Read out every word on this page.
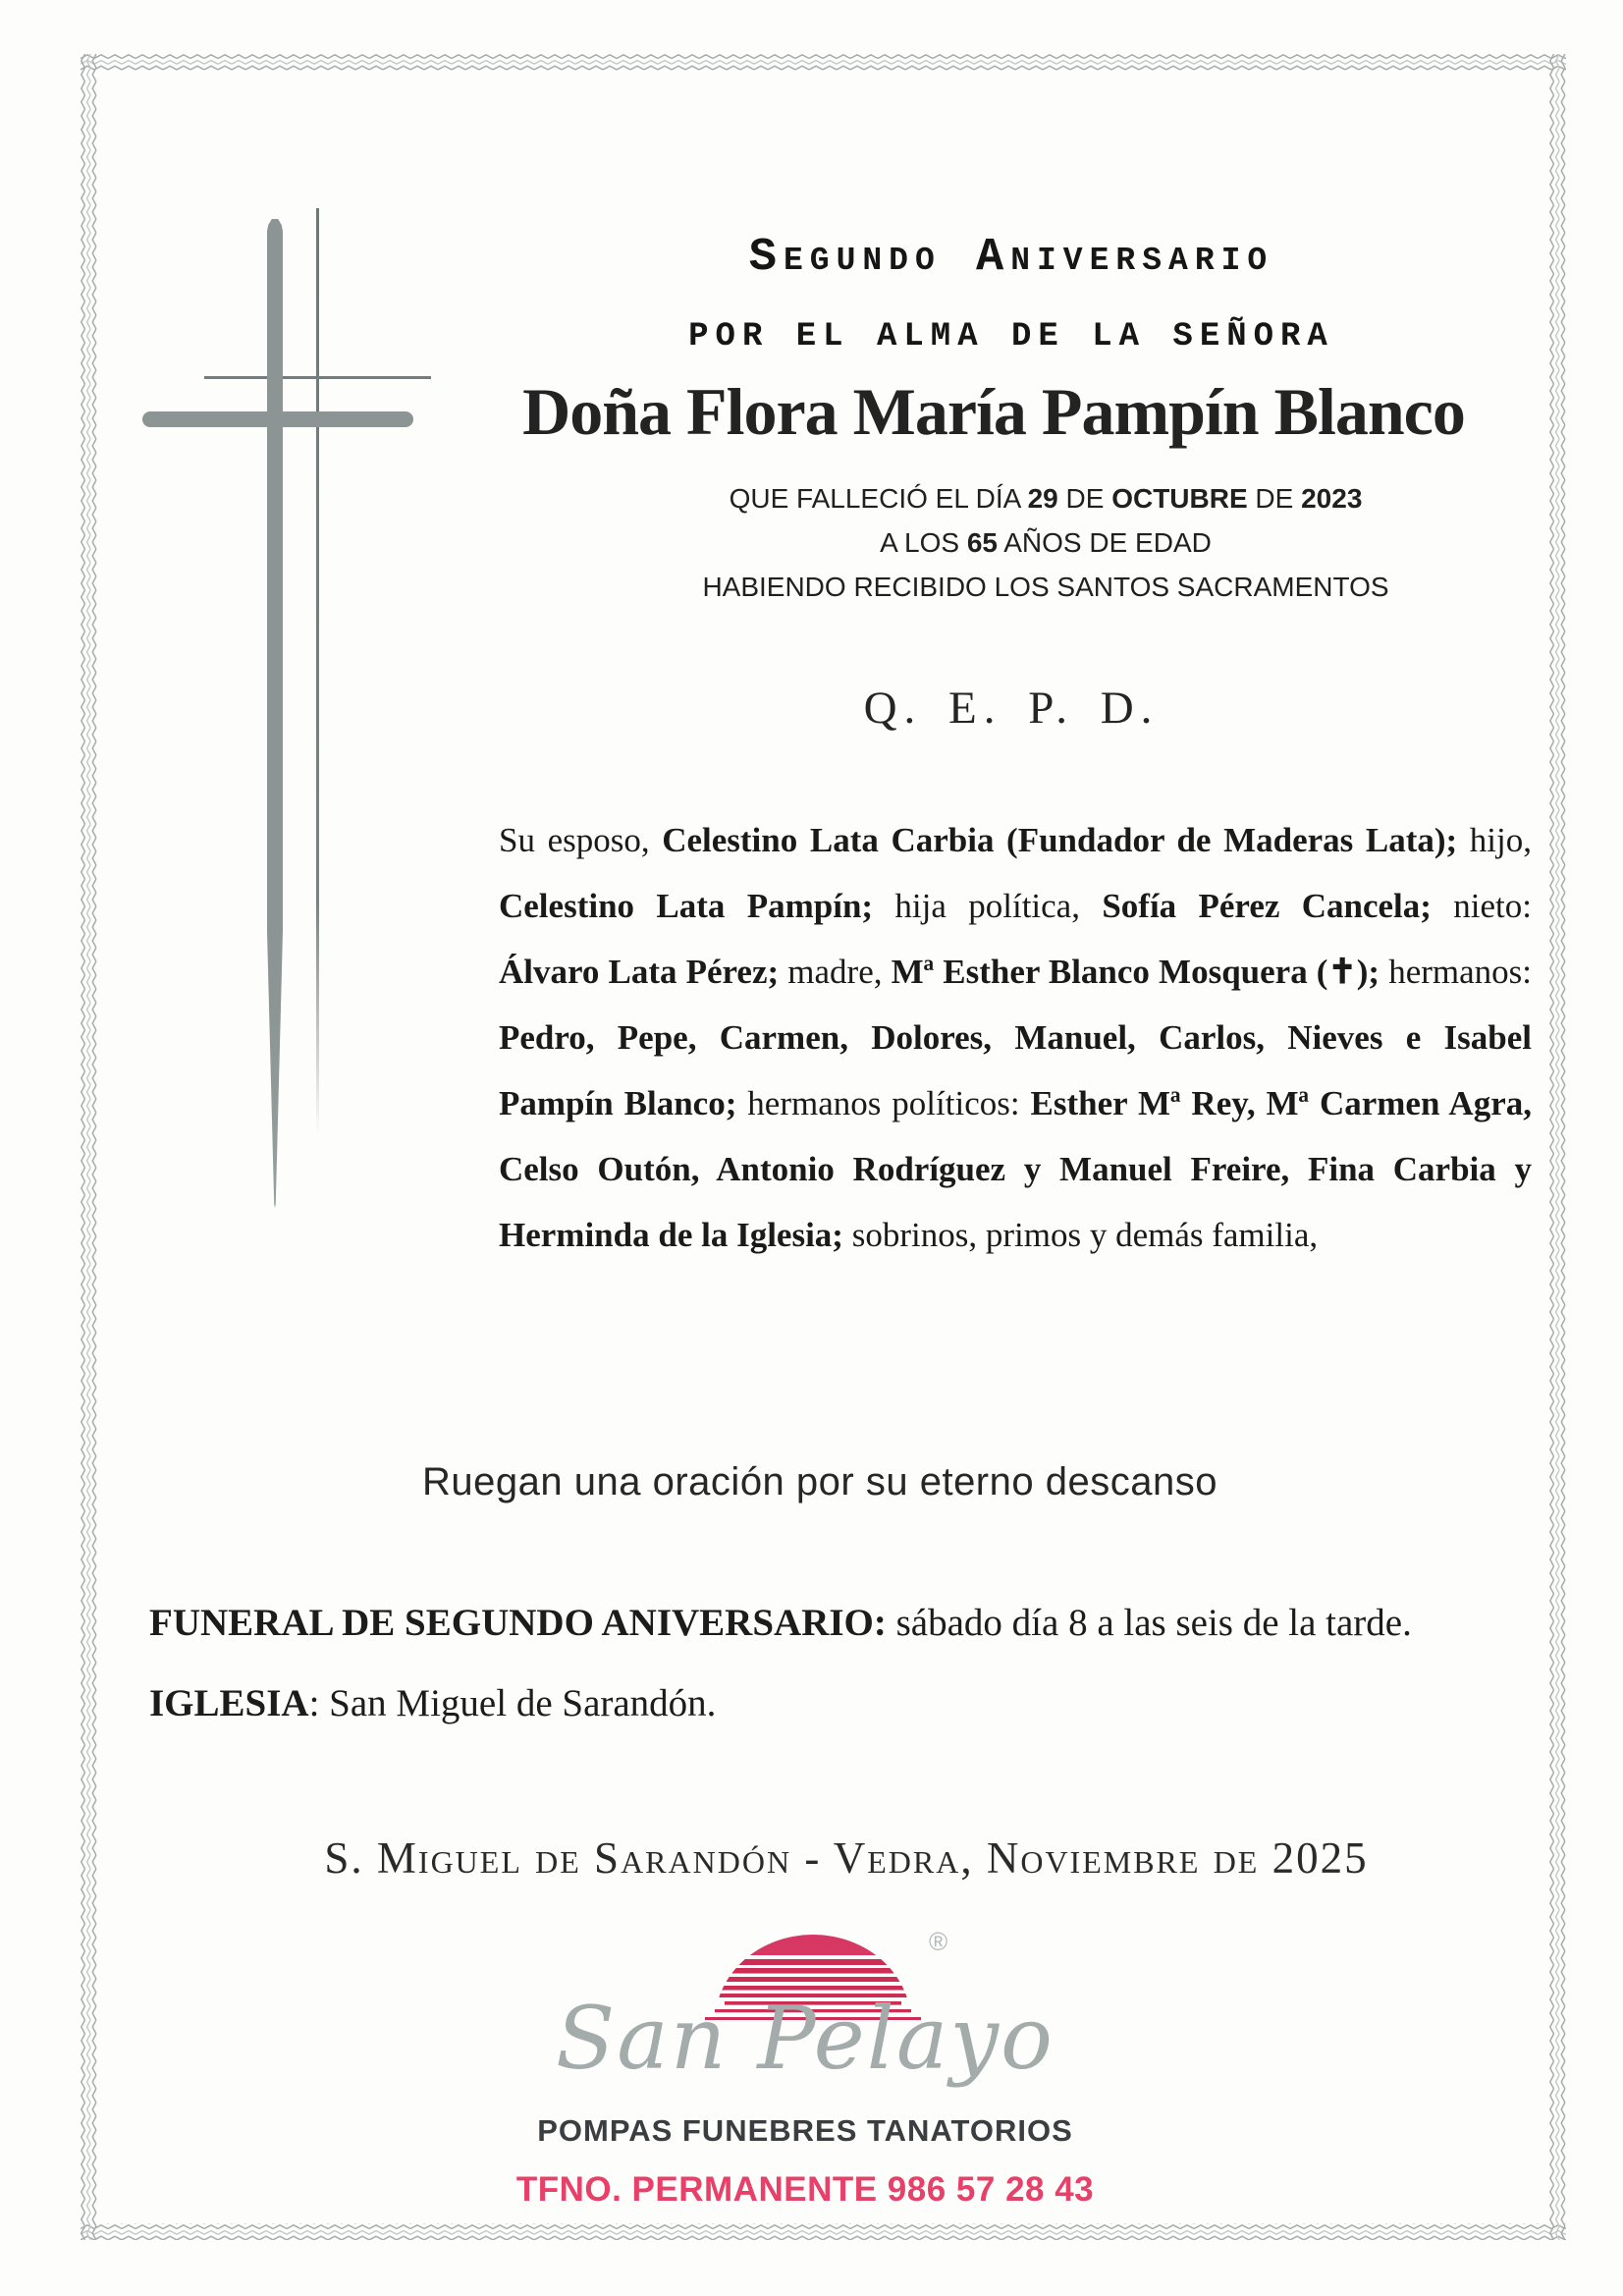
Segundo Aniversario
POR EL ALMA DE LA SEÑORA
Doña Flora María Pampín Blanco
QUE FALLECIÓ EL DÍA 29 DE OCTUBRE DE 2023
A LOS 65 AÑOS DE EDAD
HABIENDO RECIBIDO LOS SANTOS SACRAMENTOS
Q. E. P. D.
Su esposo, Celestino Lata Carbia (Fundador de Maderas Lata); hijo, Celestino Lata Pampín; hija política, Sofía Pérez Cancela; nieto: Álvaro Lata Pérez; madre, Mª Esther Blanco Mosquera (✝); hermanos: Pedro, Pepe, Carmen, Dolores, Manuel, Carlos, Nieves e Isabel Pampín Blanco; hermanos políticos: Esther Mª Rey, Mª Carmen Agra, Celso Outón, Antonio Rodríguez y Manuel Freire, Fina Carbia y Herminda de la Iglesia; sobrinos, primos y demás familia,
Ruegan una oración por su eterno descanso
FUNERAL DE SEGUNDO ANIVERSARIO: sábado día 8 a las seis de la tarde.
IGLESIA: San Miguel de Sarandón.
S. Miguel de Sarandón - Vedra, Noviembre de 2025
®
San Pelayo
POMPAS FUNEBRES TANATORIOS
TFNO. PERMANENTE 986 57 28 43
